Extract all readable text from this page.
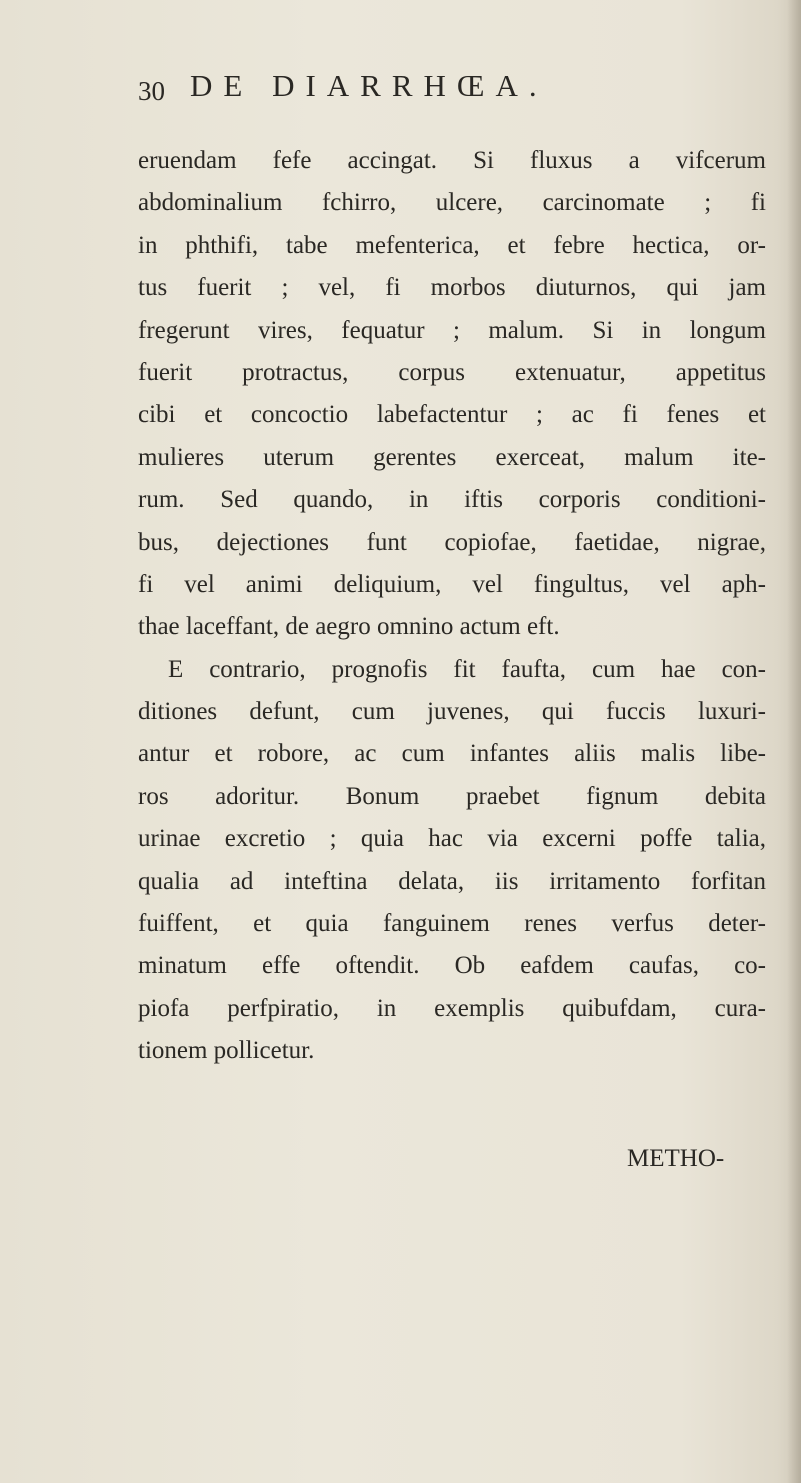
30 DE DIARRHŒA.
eruendam fefe accingat. Si fluxus a vifcerum
abdominalium fchirro, ulcere, carcinomate ; fi
in phthifi, tabe mefenterica, et febre hectica, or-
tus fuerit ; vel, fi morbos diuturnos, qui jam
fregerunt vires, fequatur ; malum. Si in longum
fuerit protractus, corpus extenuatur, appetitus
cibi et concoctio labefactentur ; ac fi fenes et
mulieres uterum gerentes exerceat, malum ite-
rum. Sed quando, in iftis corporis conditioni-
bus, dejectiones funt copiofae, faetidae, nigrae,
fi vel animi deliquium, vel fingultus, vel aph-
thae laceffant, de aegro omnino actum eft.
E contrario, prognofis fit faufta, cum hae con-
ditiones defunt, cum juvenes, qui fuccis luxuri-
antur et robore, ac cum infantes aliis malis libe-
ros adoritur. Bonum praebet fignum debita
urinae excretio ; quia hac via excerni poffe talia,
qualia ad inteftina delata, iis irritamento forfitan
fuiffent, et quia fanguinem renes verfus deter-
minatum effe oftendit. Ob eafdem caufas, co-
piofa perfpiratio, in exemplis quibufdam, cura-
tionem pollicetur.
METHO-
